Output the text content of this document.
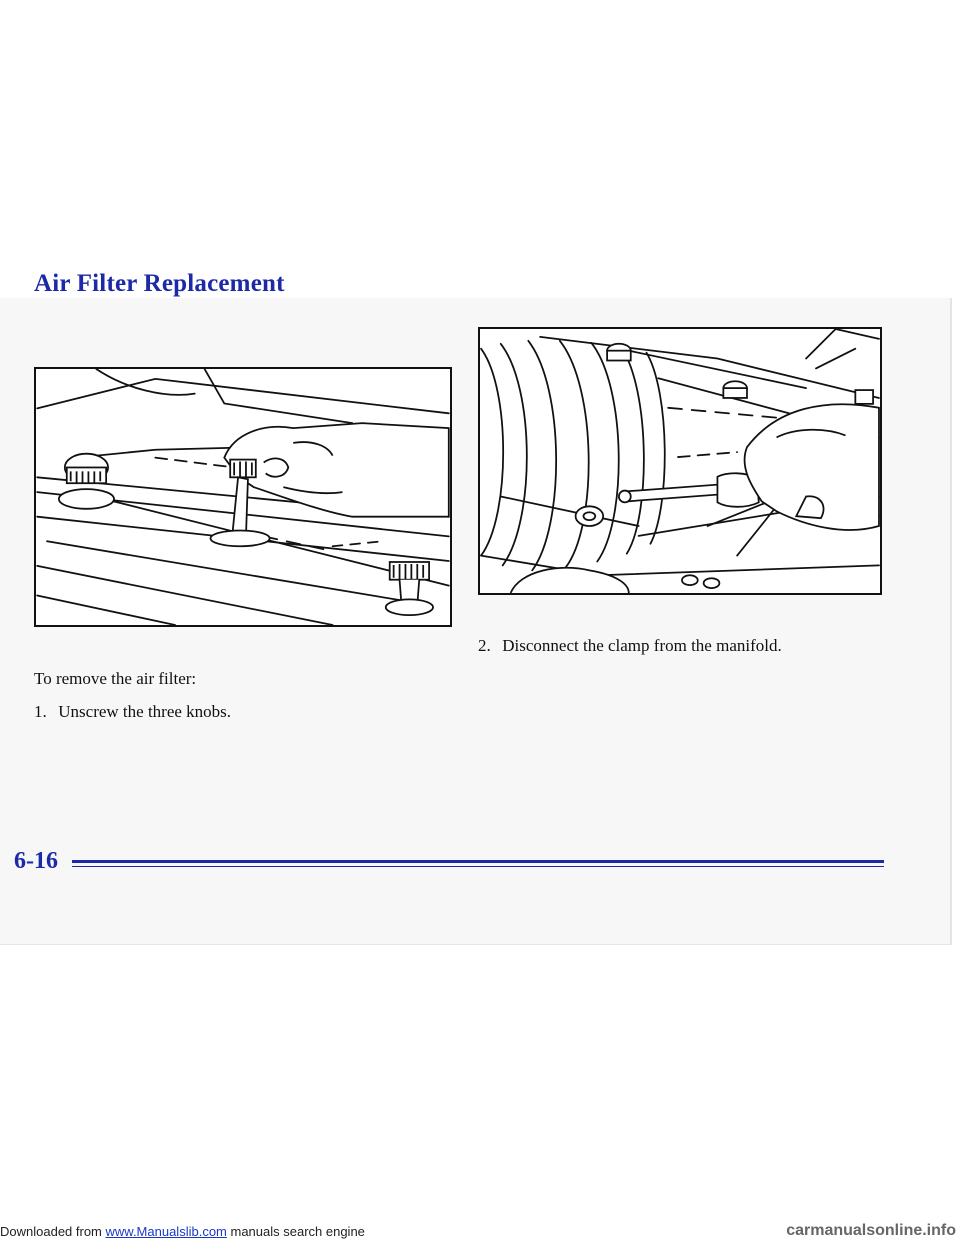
Air Filter Replacement

2. Disconnect the clamp from the manifold.

To remove the air filter:

1. Unscrew the three knobs.

6-16

Downloaded from www.Manualslib.com manuals search engine	carmanualsonline.info
